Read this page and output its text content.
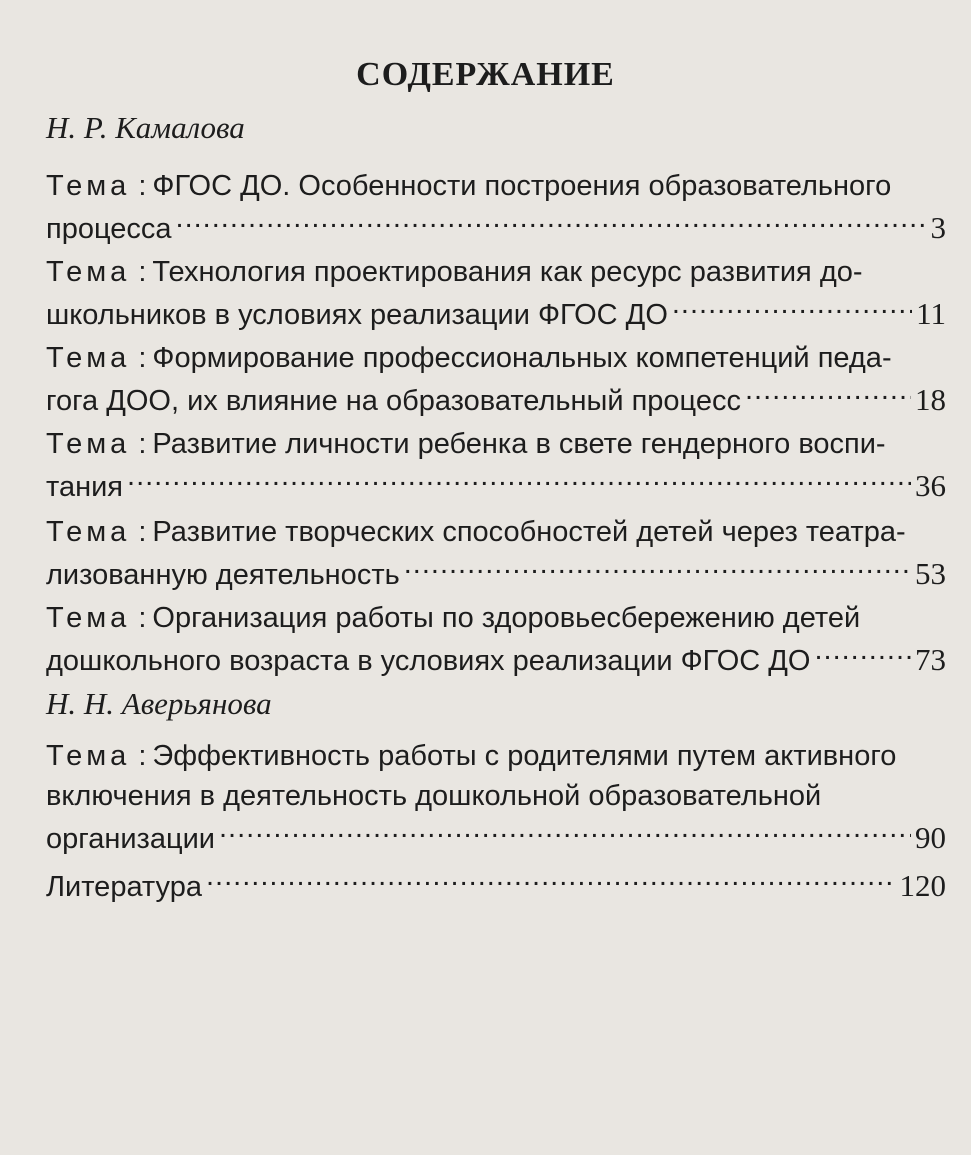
СОДЕРЖАНИЕ
Н. Р. Камалова
Тема : ФГОС ДО. Особенности построения образовательного
процесса .....	3
Тема : Технология проектирования как ресурс развития до-
школьников в условиях реализации ФГОС ДО .....	11
Тема : Формирование профессиональных компетенций педа-
гога ДОО, их влияние на образовательный процесс .....	18
Тема : Развитие личности ребенка в свете гендерного воспи-
тания .....	36
Тема : Развитие творческих способностей детей через театра-
лизованную деятельность .....	53
Тема : Организация работы по здоровьесбережению детей
дошкольного возраста в условиях реализации ФГОС ДО .....	73
Н. Н. Аверьянова
Тема : Эффективность работы с родителями путем активного
включения в деятельность дошкольной образовательной
организации .....	90
Литература .....	120
